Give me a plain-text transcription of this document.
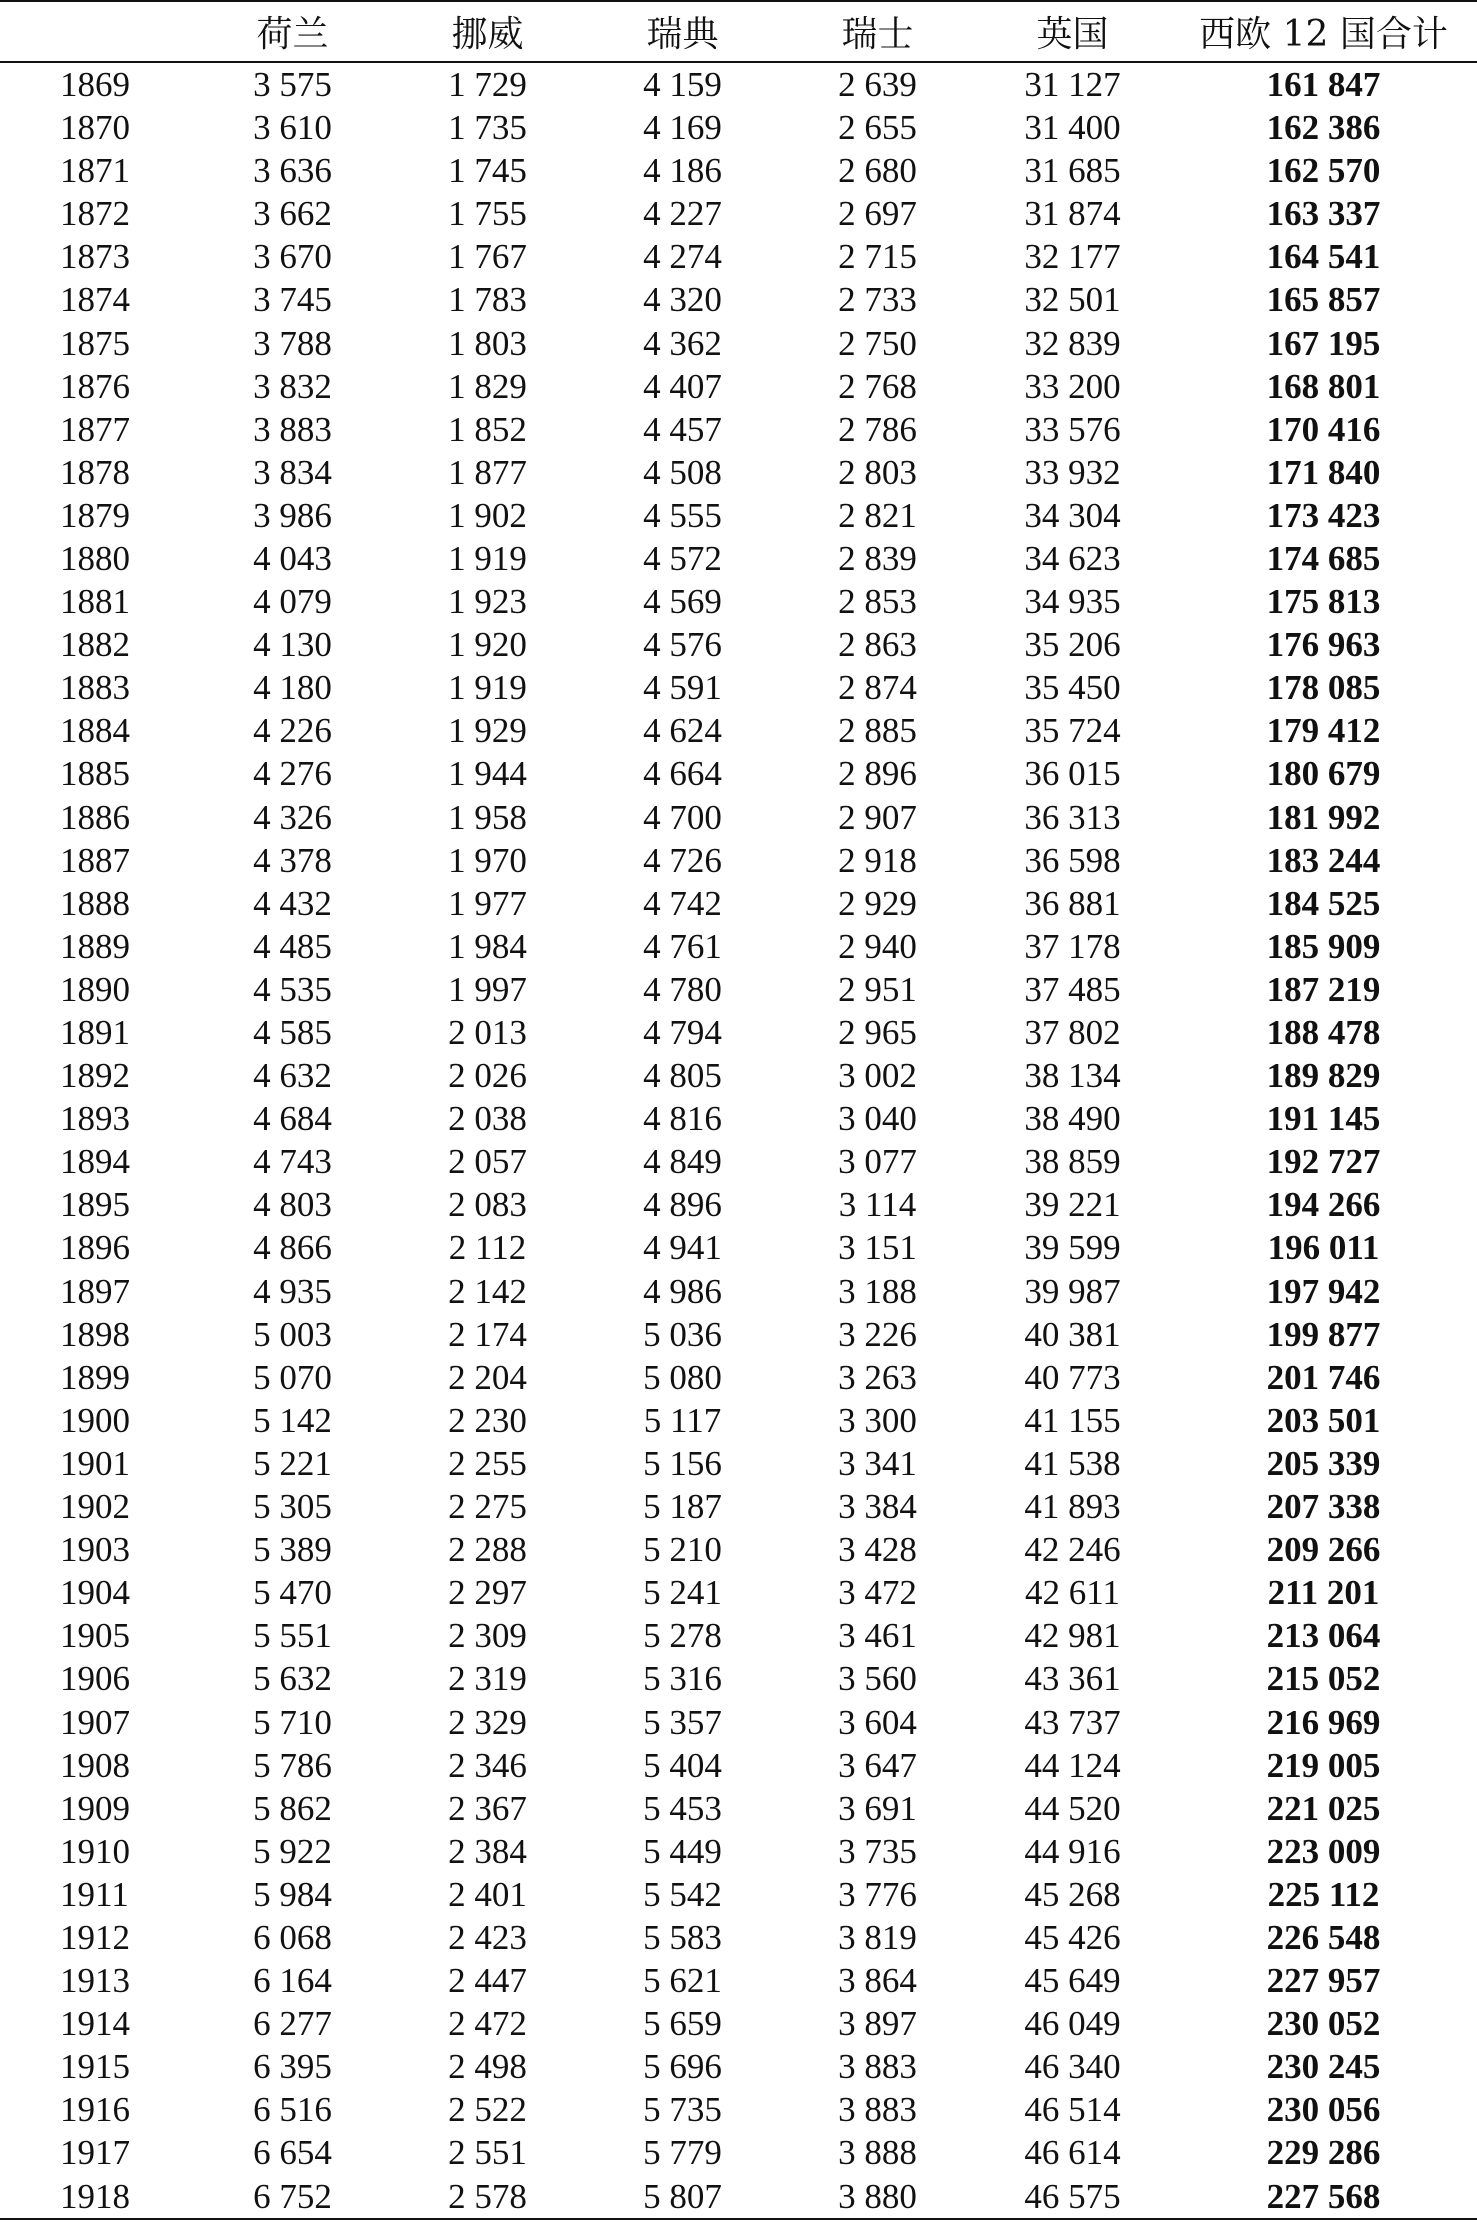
	荷兰	挪威	瑞典	瑞士	英国	西欧 12 国合计
1869	3 575	1 729	4 159	2 639	31 127	161 847
1870	3 610	1 735	4 169	2 655	31 400	162 386
1871	3 636	1 745	4 186	2 680	31 685	162 570
1872	3 662	1 755	4 227	2 697	31 874	163 337
1873	3 670	1 767	4 274	2 715	32 177	164 541
1874	3 745	1 783	4 320	2 733	32 501	165 857
1875	3 788	1 803	4 362	2 750	32 839	167 195
1876	3 832	1 829	4 407	2 768	33 200	168 801
1877	3 883	1 852	4 457	2 786	33 576	170 416
1878	3 834	1 877	4 508	2 803	33 932	171 840
1879	3 986	1 902	4 555	2 821	34 304	173 423
1880	4 043	1 919	4 572	2 839	34 623	174 685
1881	4 079	1 923	4 569	2 853	34 935	175 813
1882	4 130	1 920	4 576	2 863	35 206	176 963
1883	4 180	1 919	4 591	2 874	35 450	178 085
1884	4 226	1 929	4 624	2 885	35 724	179 412
1885	4 276	1 944	4 664	2 896	36 015	180 679
1886	4 326	1 958	4 700	2 907	36 313	181 992
1887	4 378	1 970	4 726	2 918	36 598	183 244
1888	4 432	1 977	4 742	2 929	36 881	184 525
1889	4 485	1 984	4 761	2 940	37 178	185 909
1890	4 535	1 997	4 780	2 951	37 485	187 219
1891	4 585	2 013	4 794	2 965	37 802	188 478
1892	4 632	2 026	4 805	3 002	38 134	189 829
1893	4 684	2 038	4 816	3 040	38 490	191 145
1894	4 743	2 057	4 849	3 077	38 859	192 727
1895	4 803	2 083	4 896	3 114	39 221	194 266
1896	4 866	2 112	4 941	3 151	39 599	196 011
1897	4 935	2 142	4 986	3 188	39 987	197 942
1898	5 003	2 174	5 036	3 226	40 381	199 877
1899	5 070	2 204	5 080	3 263	40 773	201 746
1900	5 142	2 230	5 117	3 300	41 155	203 501
1901	5 221	2 255	5 156	3 341	41 538	205 339
1902	5 305	2 275	5 187	3 384	41 893	207 338
1903	5 389	2 288	5 210	3 428	42 246	209 266
1904	5 470	2 297	5 241	3 472	42 611	211 201
1905	5 551	2 309	5 278	3 461	42 981	213 064
1906	5 632	2 319	5 316	3 560	43 361	215 052
1907	5 710	2 329	5 357	3 604	43 737	216 969
1908	5 786	2 346	5 404	3 647	44 124	219 005
1909	5 862	2 367	5 453	3 691	44 520	221 025
1910	5 922	2 384	5 449	3 735	44 916	223 009
1911	5 984	2 401	5 542	3 776	45 268	225 112
1912	6 068	2 423	5 583	3 819	45 426	226 548
1913	6 164	2 447	5 621	3 864	45 649	227 957
1914	6 277	2 472	5 659	3 897	46 049	230 052
1915	6 395	2 498	5 696	3 883	46 340	230 245
1916	6 516	2 522	5 735	3 883	46 514	230 056
1917	6 654	2 551	5 779	3 888	46 614	229 286
1918	6 752	2 578	5 807	3 880	46 575	227 568
